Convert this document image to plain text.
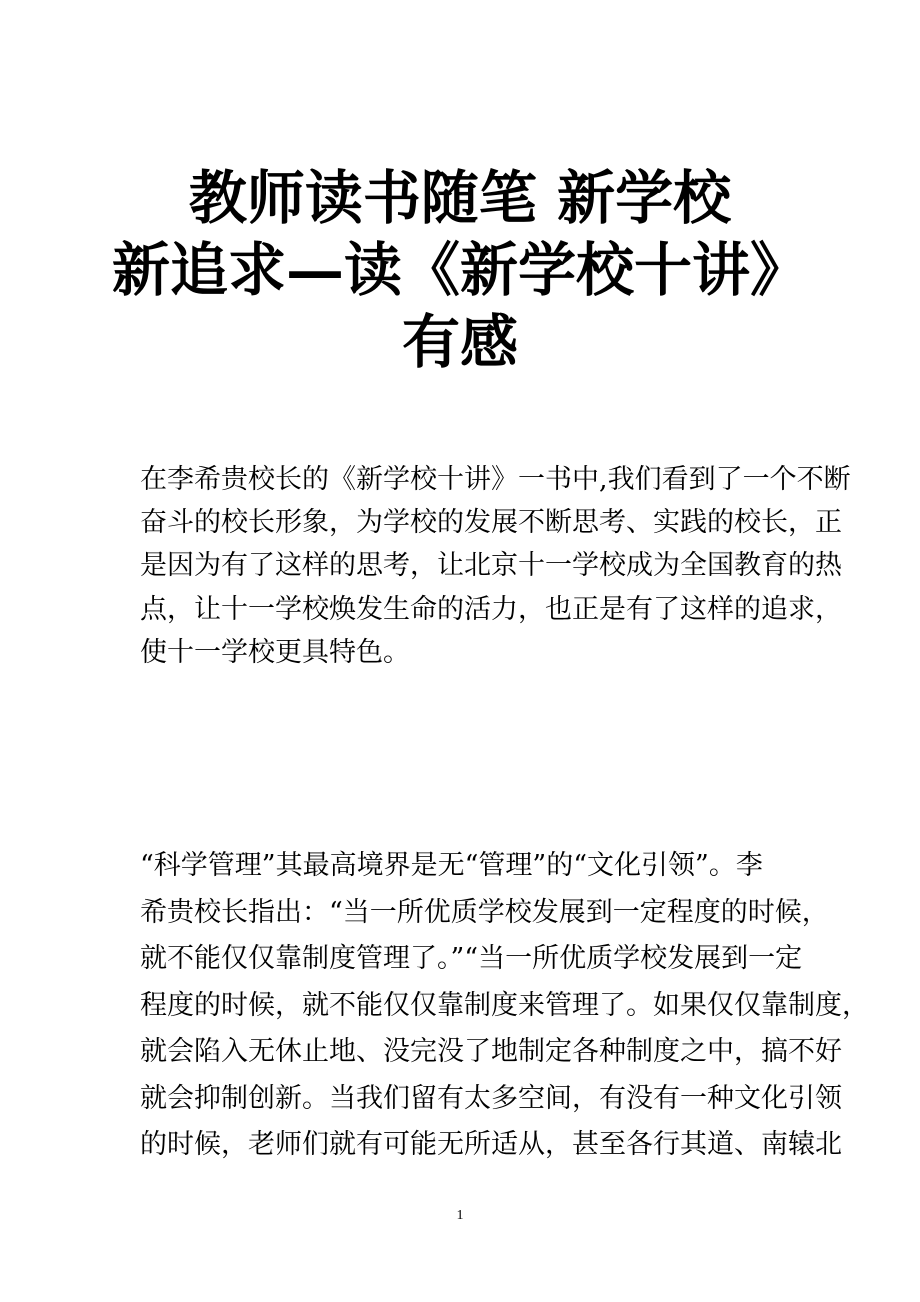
教师读书随笔 新学校
新追求—读《新学校十讲》
有感
在李希贵校长的《新学校十讲》一书中,我们看到了一个不断
奋斗的校长形象，为学校的发展不断思考、实践的校长，正
是因为有了这样的思考，让北京十一学校成为全国教育的热
点，让十一学校焕发生命的活力，也正是有了这样的追求，
使十一学校更具特色。
“科学管理”其最高境界是无“管理”的“文化引领”。李
希贵校长指出：“当一所优质学校发展到一定程度的时候，
就不能仅仅靠制度管理了。”“当一所优质学校发展到一定
程度的时候，就不能仅仅靠制度来管理了。如果仅仅靠制度，
就会陷入无休止地、没完没了地制定各种制度之中，搞不好
就会抑制创新。当我们留有太多空间，有没有一种文化引领
的时候，老师们就有可能无所适从，甚至各行其道、南辕北
1
